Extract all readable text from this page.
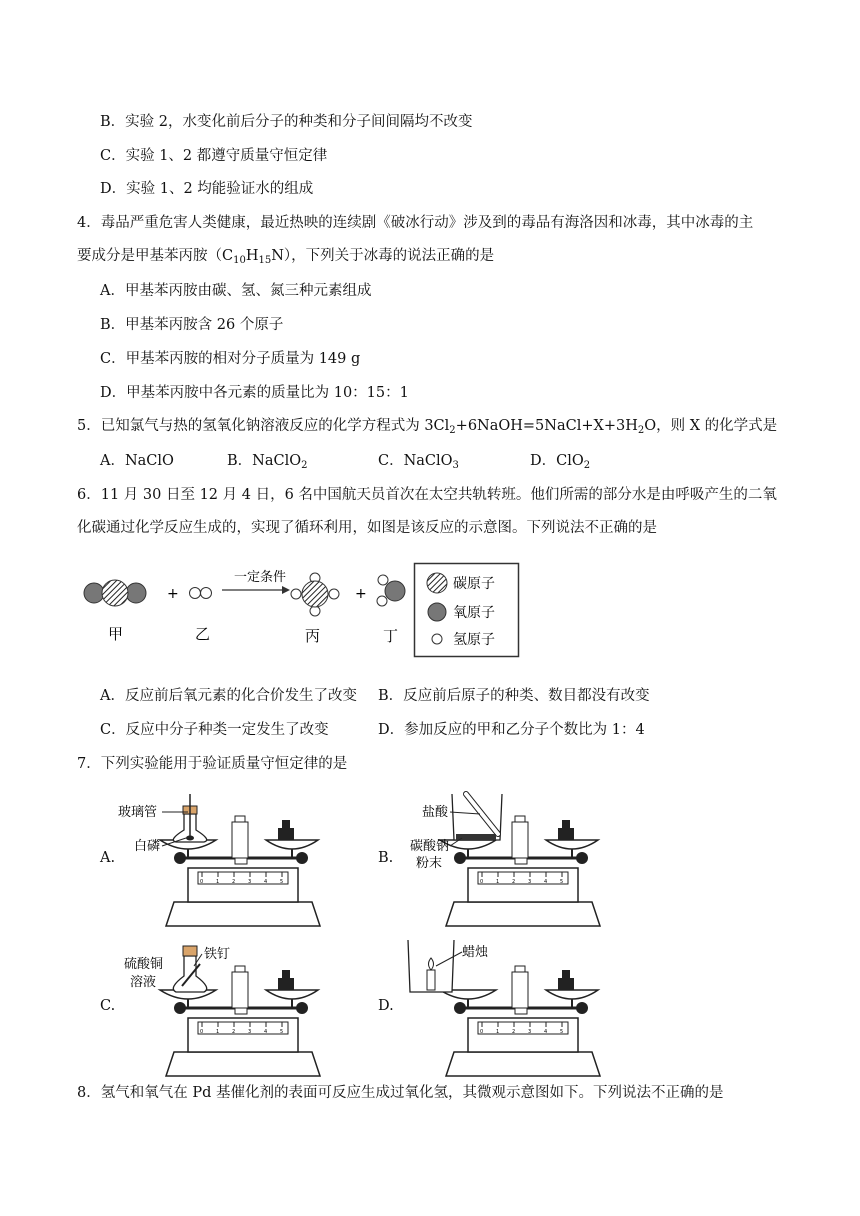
B．实验 2，水变化前后分子的种类和分子间间隔均不改变
C．实验 1、2 都遵守质量守恒定律
D．实验 1、2 均能验证水的组成
4．毒品严重危害人类健康，最近热映的连续剧《破冰行动》涉及到的毒品有海洛因和冰毒，其中冰毒的主
要成分是甲基苯丙胺$(C_{10}H_{15}N)$，下列关于冰毒的说法正确的是
A．甲基苯丙胺由碳、氢、氮三种元素组成
B．甲基苯丙胺含 26 个原子
C．甲基苯丙胺的相对分子质量为 149 g
D．甲基苯丙胺中各元素的质量比为 10：15：1
5．已知氯气与热的氢氧化钠溶液反应的化学方程式为 $3Cl_2+6NaOH=5NaCl+X+3H_2O$，则 X 的化学式是
A．NaClO	B．NaClO$_2$	C．NaClO$_3$	D．ClO$_2$
6．11 月 30 日至 12 月 4 日，6 名中国航天员首次在太空共轨转班。他们所需的部分水是由呼吸产生的二氧
化碳通过化学反应生成的，实现了循环利用，如图是该反应的示意图。下列说法不正确的是
+
一定条件
+
甲	乙	丙	丁
碳原子
氧原子
氢原子
A．反应前后氧元素的化合价发生了改变 B．反应前后原子的种类、数目都没有改变
C．反应中分子种类一定发生了改变	D．参加反应的甲和乙分子个数比为 1：4
7．下列实验能用于验证质量守恒定律的是
A.	B.
C.	D.
0	1	2	3	4	5
玻璃管
白磷
0	1	2	3	4	5
盐酸
碳酸钠
粉末
0	1	2	3	4	5
硫酸铜
溶液
铁钉
0	1	2	3	4	5
蜡烛
8．氢气和氧气在 Pd 基催化剂的表面可反应生成过氧化氢，其微观示意图如下。下列说法不正确的是
